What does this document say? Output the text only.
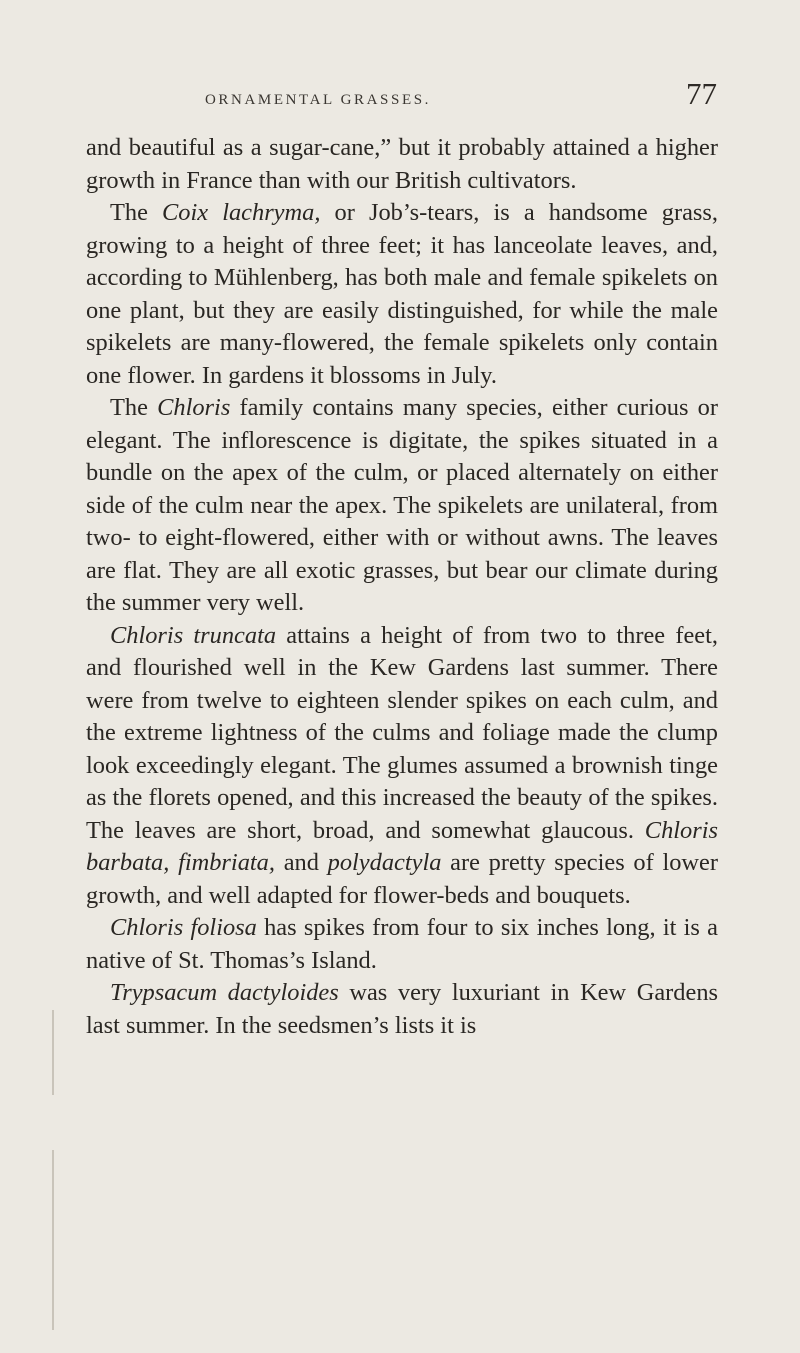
ORNAMENTAL GRASSES.	77

and beautiful as a sugar-cane,” but it probably attained a higher growth in France than with our British cultivators.

The Coix lachryma, or Job’s-tears, is a handsome grass, growing to a height of three feet; it has lanceolate leaves, and, according to Mühlenberg, has both male and female spikelets on one plant, but they are easily distinguished, for while the male spikelets are many-flowered, the female spikelets only contain one flower. In gardens it blossoms in July.

The Chloris family contains many species, either curious or elegant. The inflorescence is digitate, the spikes situated in a bundle on the apex of the culm, or placed alternately on either side of the culm near the apex. The spikelets are unilateral, from two- to eight-flowered, either with or without awns. The leaves are flat. They are all exotic grasses, but bear our climate during the summer very well.

Chloris truncata attains a height of from two to three feet, and flourished well in the Kew Gardens last summer. There were from twelve to eighteen slender spikes on each culm, and the extreme lightness of the culms and foliage made the clump look exceedingly elegant. The glumes assumed a brownish tinge as the florets opened, and this increased the beauty of the spikes. The leaves are short, broad, and somewhat glaucous. Chloris barbata, fimbriata, and polydactyla are pretty species of lower growth, and well adapted for flower-beds and bouquets.

Chloris foliosa has spikes from four to six inches long, it is a native of St. Thomas’s Island.

Trypsacum dactyloides was very luxuriant in Kew Gardens last summer. In the seedsmen’s lists it is
